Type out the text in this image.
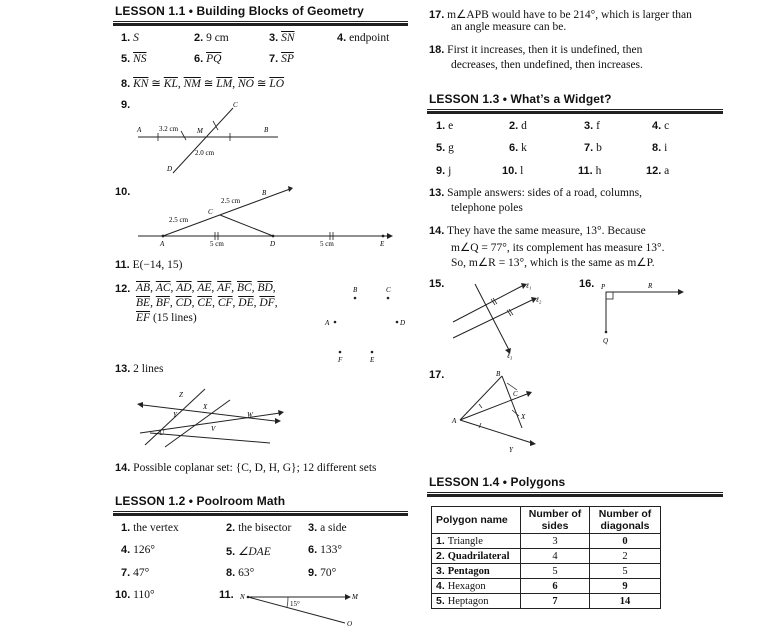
LESSON 1.1 • Building Blocks of Geometry
1. S	2. 9 cm	3. $\overline{SN}$	4. endpoint
5. $\overline{NS}$	6. $\overline{PQ}$	7. $\overline{SP}$
8. $\overline{KN}$ ≅ $\overline{KL}$, $\overline{NM}$ ≅ $\overline{LM}$, $\overline{NO}$ ≅ $\overline{LO}$
9.
A	M	B
C
D
3.2 cm
2.0 cm
10.
A
C
B
D	E
2.5 cm
2.5 cm
5 cm	5 cm
11. E(−14, 15)
12. $\overline{AB}$, $\overline{AC}$, $\overline{AD}$, $\overline{AE}$, $\overline{AF}$, $\overline{BC}$, $\overline{BD}$,
$\overline{BE}$, $\overline{BF}$, $\overline{CD}$, $\overline{CE}$, $\overline{CF}$, $\overline{DE}$, $\overline{DF}$,
$\overline{EF}$ (15 lines)
B	C
A	D
F	E
13. 2 lines
Z
X
Y	W
U	V
14. Possible coplanar set: {C, D, H, G}; 12 different sets
LESSON 1.2 • Poolroom Math
1. the vertex	2. the bisector 3. a side
4. 126°	5. ∠DAE	6. 133°
7. 47°	8. 63°	9. 70°
10. 110°	11. N	M
O
15°
17. m∠APB would have to be 214°, which is larger than
an angle measure can be.
18. First it increases, then it is undefined, then
decreases, then undefined, then increases.
LESSON 1.3 • What’s a Widget?
1. e	2. d	3. f	4. c
5. g	6. k	7. b	8. i
9. j	10. l	11. h	12. a
13. Sample answers: sides of a road, columns,
telephone poles
14. They have the same measure, 13°. Because
m∠Q = 77°, its complement has measure 13°.
So, m∠R = 13°, which is the same as m∠P.
15.	ℓ₁
ℓ₂
ℓ₃
16. P	R
Q
17.	B
C
X
A
Y
LESSON 1.4 • Polygons
Polygon name	Number of sides	Number of diagonals
1. Triangle	3	0
2. Quadrilateral	4	2
3. Pentagon	5	5
4. Hexagon	6	9
5. Heptagon	7	14
